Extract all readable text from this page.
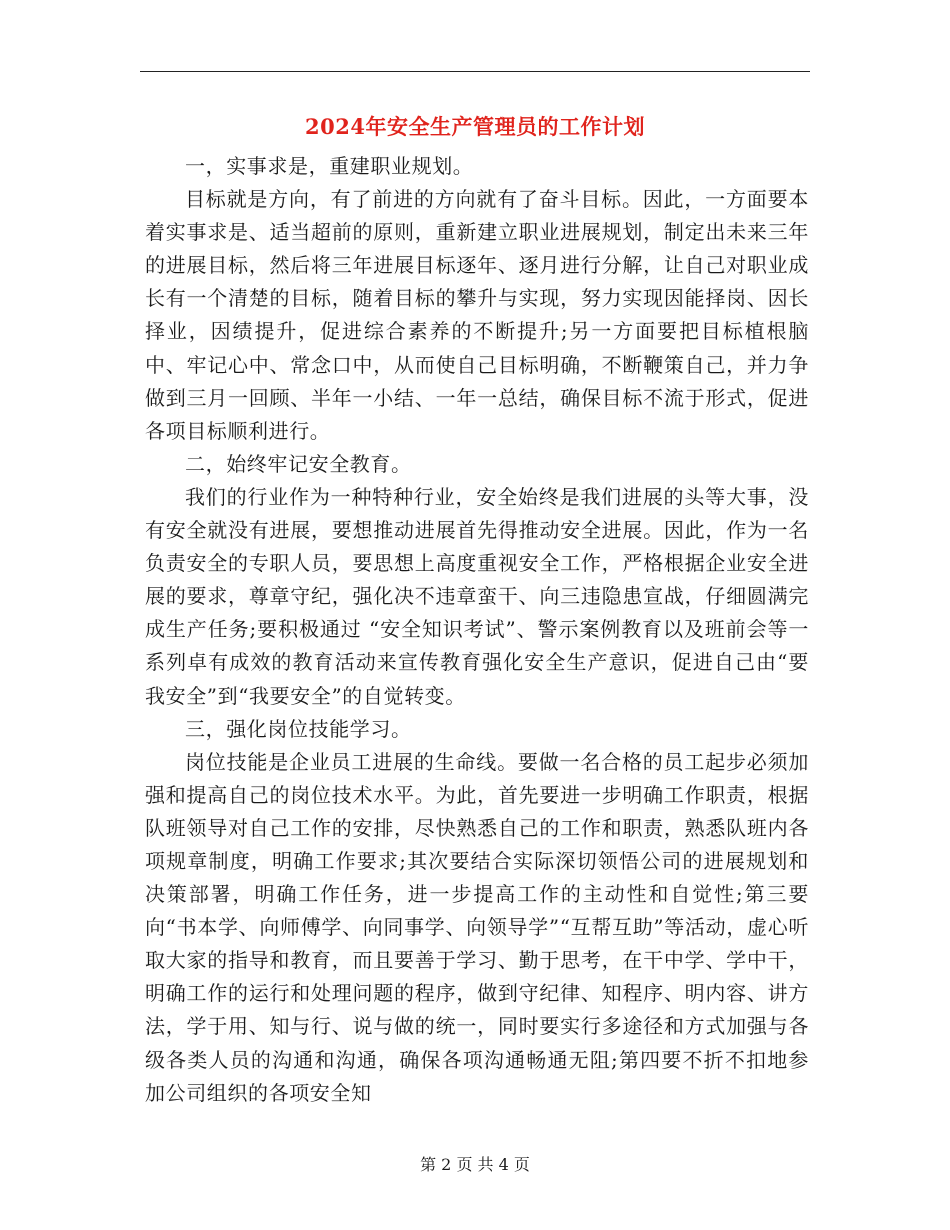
2024年安全生产管理员的工作计划

一，实事求是，重建职业规划。

目标就是方向，有了前进的方向就有了奋斗目标。因此，一方面要本着实事求是、适当超前的原则，重新建立职业进展规划，制定出未来三年的进展目标，然后将三年进展目标逐年、逐月进行分解，让自己对职业成长有一个清楚的目标，随着目标的攀升与实现，努力实现因能择岗、因长择业，因绩提升，促进综合素养的不断提升;另一方面要把目标植根脑中、牢记心中、常念口中，从而使自己目标明确，不断鞭策自己，并力争做到三月一回顾、半年一小结、一年一总结，确保目标不流于形式，促进各项目标顺利进行。

二，始终牢记安全教育。

我们的行业作为一种特种行业，安全始终是我们进展的头等大事，没有安全就没有进展，要想推动进展首先得推动安全进展。因此，作为一名负责安全的专职人员，要思想上高度重视安全工作，严格根据企业安全进展的要求，尊章守纪，强化决不违章蛮干、向三违隐患宣战，仔细圆满完成生产任务;要积极通过 “安全知识考试”、警示案例教育以及班前会等一系列卓有成效的教育活动来宣传教育强化安全生产意识，促进自己由“要我安全”到“我要安全”的自觉转变。

三，强化岗位技能学习。

岗位技能是企业员工进展的生命线。要做一名合格的员工起步必须加强和提高自己的岗位技术水平。为此，首先要进一步明确工作职责，根据队班领导对自己工作的安排，尽快熟悉自己的工作和职责，熟悉队班内各项规章制度，明确工作要求;其次要结合实际深切领悟公司的进展规划和决策部署，明确工作任务，进一步提高工作的主动性和自觉性;第三要向“书本学、向师傅学、向同事学、向领导学”“互帮互助”等活动，虚心听取大家的指导和教育，而且要善于学习、勤于思考，在干中学、学中干，明确工作的运行和处理问题的程序，做到守纪律、知程序、明内容、讲方法，学于用、知与行、说与做的统一，同时要实行多途径和方式加强与各级各类人员的沟通和沟通，确保各项沟通畅通无阻;第四要不折不扣地参加公司组织的各项安全知

第 2 页 共 4 页
